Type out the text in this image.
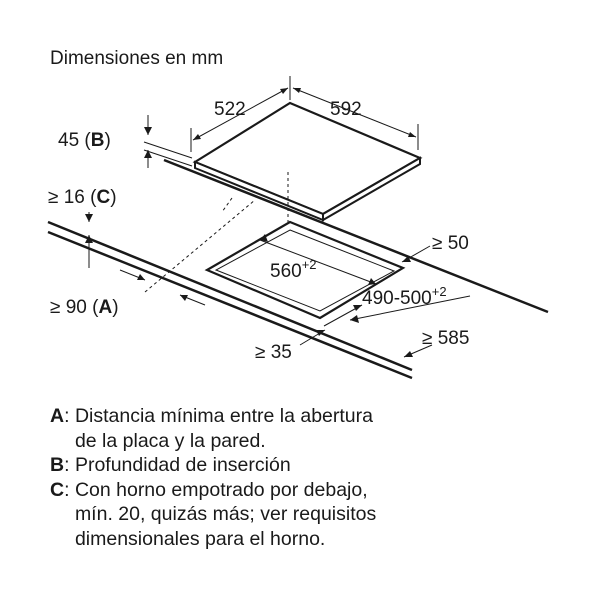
Dimensiones en mm
522	592
45 (B)
≥ 16 (C)
≥ 50
$560^{+2}$
$490-500^{+2}$
≥ 90 (A)
≥ 35
≥ 585
A : Distancia mínima entre la abertura
de la placa y la pared.
B : Profundidad de inserción
C : Con horno empotrado por debajo,
mín. 20, quizás más; ver requisitos
dimensionales para el horno.
